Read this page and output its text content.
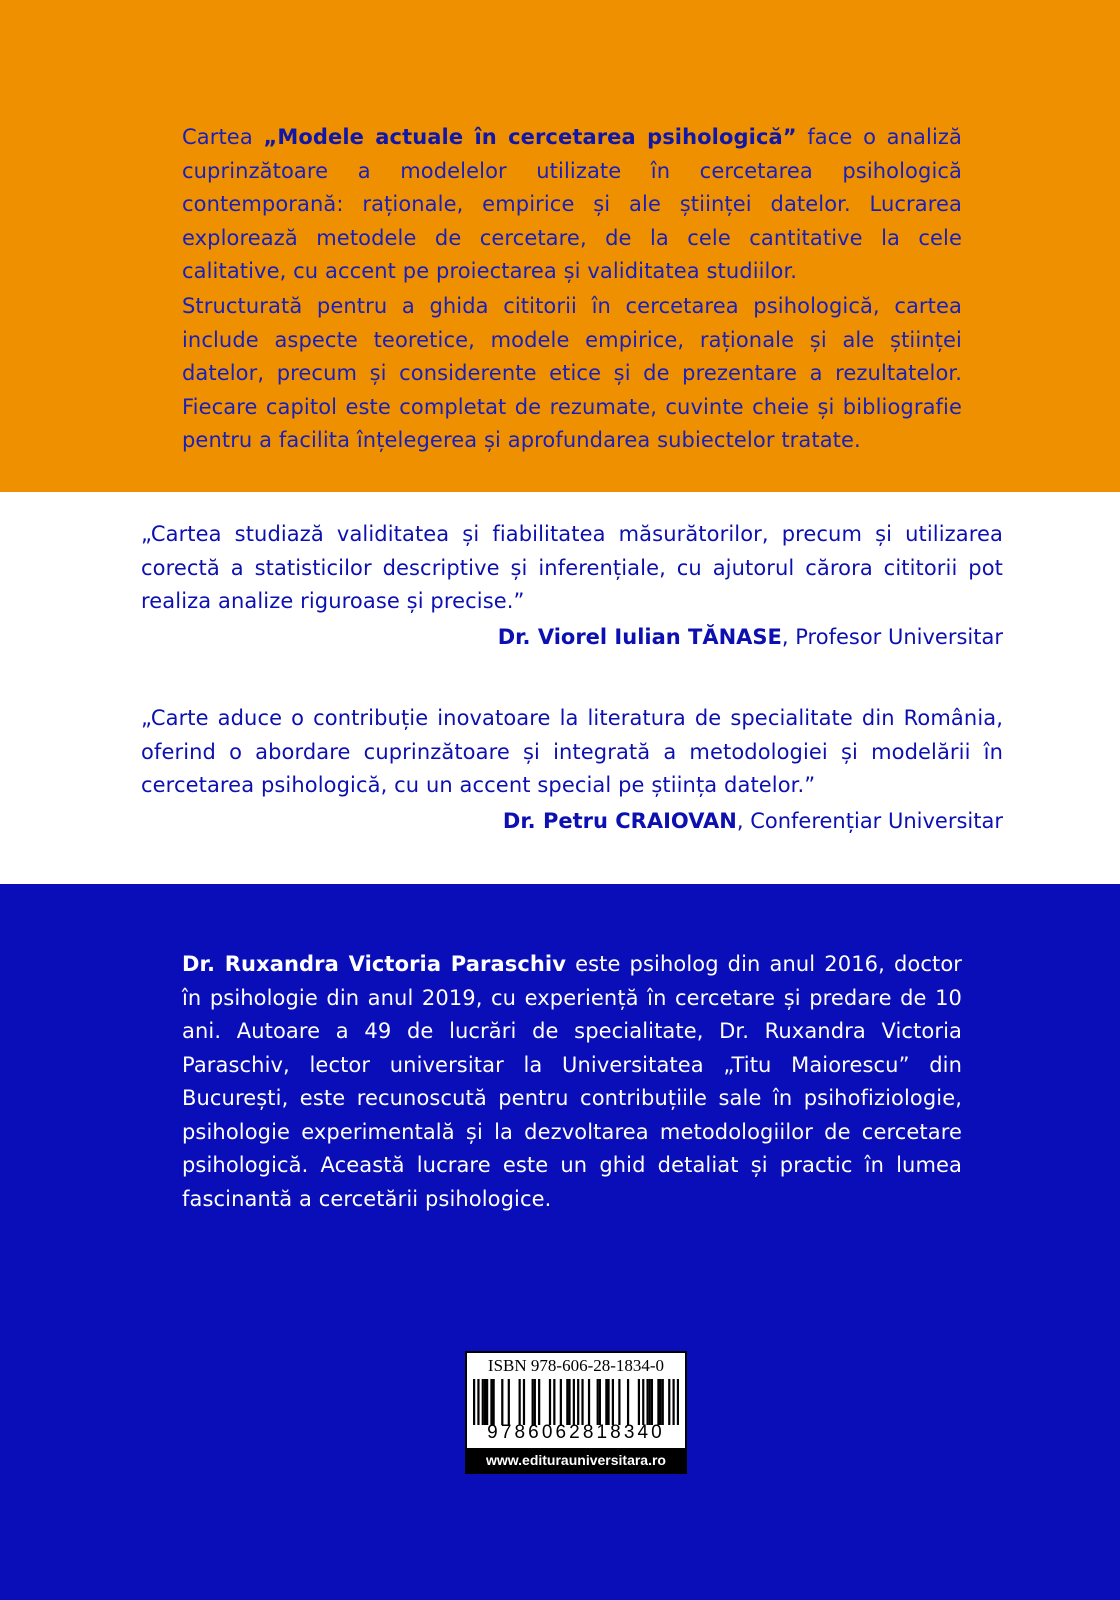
Cartea „Modele actuale în cercetarea psihologică” face o analiză cuprinzătoare a modelelor utilizate în cercetarea psihologică contemporană: raționale, empirice și ale științei datelor. Lucrarea explorează metodele de cercetare, de la cele cantitative la cele calitative, cu accent pe proiectarea și validitatea studiilor.

Structurată pentru a ghida cititorii în cercetarea psihologică, cartea include aspecte teoretice, modele empirice, raționale și ale științei datelor, precum și considerente etice și de prezentare a rezultatelor. Fiecare capitol este completat de rezumate, cuvinte cheie și bibliografie pentru a facilita înțelegerea și aprofundarea subiectelor tratate.

„Cartea studiază validitatea și fiabilitatea măsurătorilor, precum și utilizarea corectă a statisticilor descriptive și inferențiale, cu ajutorul cărora cititorii pot realiza analize riguroase și precise.”

Dr. Viorel Iulian TĂNASE, Profesor Universitar

„Carte aduce o contribuție inovatoare la literatura de specialitate din România, oferind o abordare cuprinzătoare și integrată a metodologiei și modelării în cercetarea psihologică, cu un accent special pe știința datelor.”

Dr. Petru CRAIOVAN, Conferențiar Universitar

Dr. Ruxandra Victoria Paraschiv este psiholog din anul 2016, doctor în psihologie din anul 2019, cu experiență în cercetare și predare de 10 ani. Autoare a 49 de lucrări de specialitate, Dr. Ruxandra Victoria Paraschiv, lector universitar la Universitatea „Titu Maiorescu” din București, este recunoscută pentru contribuțiile sale în psihofiziologie, psihologie experimentală și la dezvoltarea metodologiilor de cercetare psihologică. Această lucrare este un ghid detaliat și practic în lumea fascinantă a cercetării psihologice.

ISBN 978-606-28-1834-0
9786062818340
www.editurauniversitara.ro
